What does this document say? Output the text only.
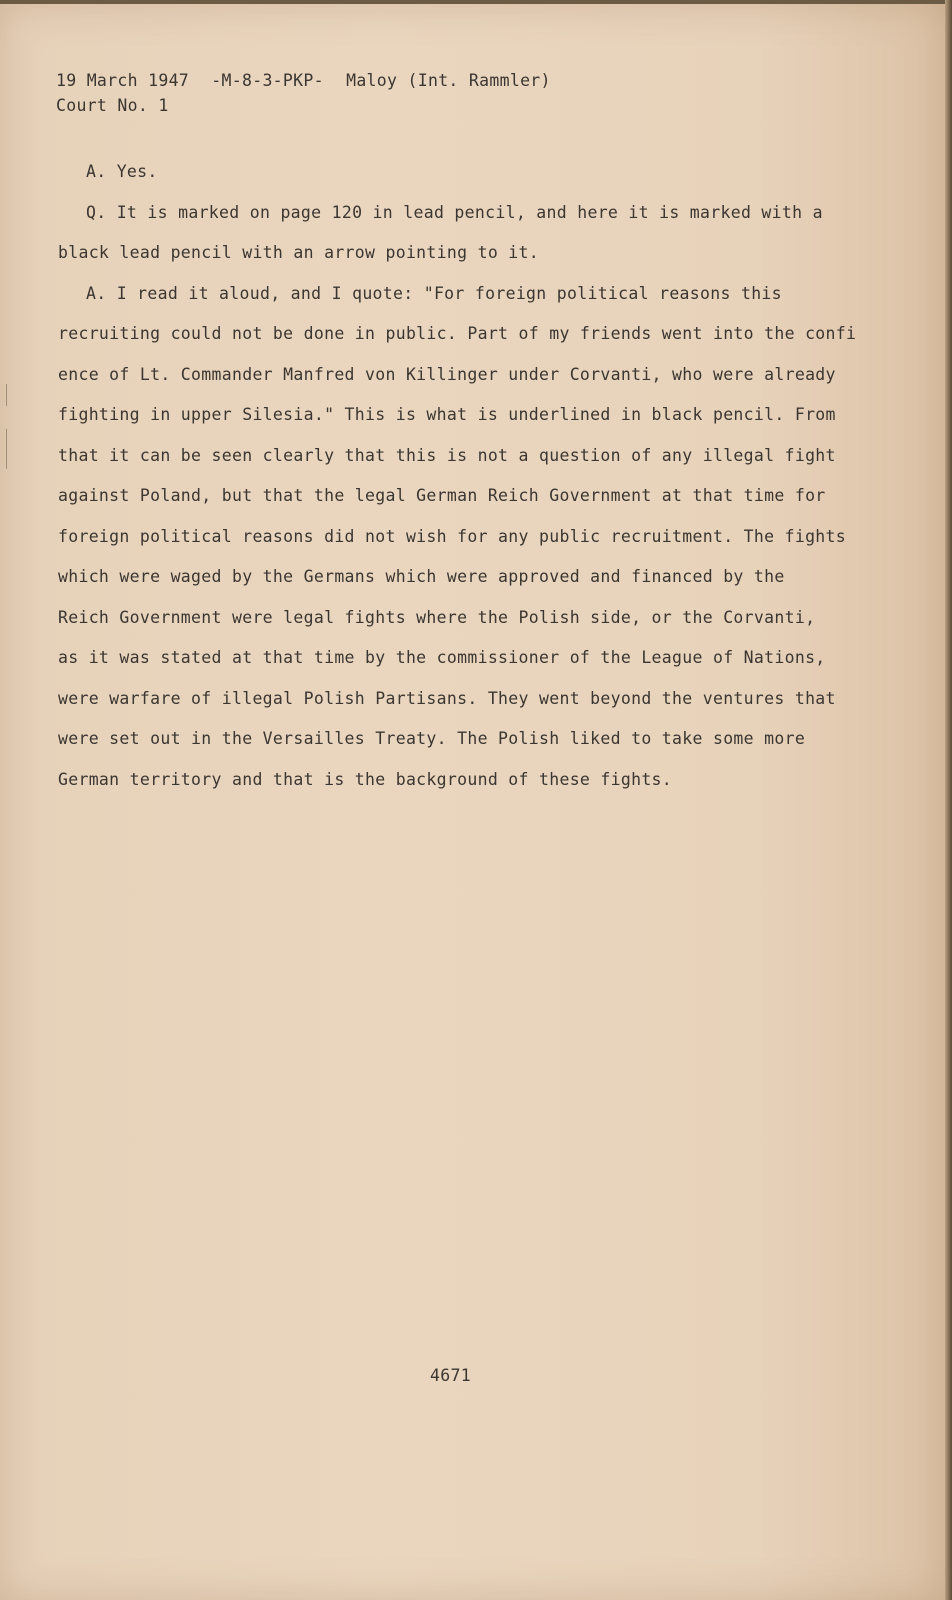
19 March 1947 -M-8-3-PKP- Maloy (Int. Rammler)
Court No. 1
A. Yes.
Q. It is marked on page 120 in lead pencil, and here it is marked with a
black lead pencil with an arrow pointing to it.
A. I read it aloud, and I quote: "For foreign political reasons this
recruiting could not be done in public. Part of my friends went into the confi
ence of Lt. Commander Manfred von Killinger under Corvanti, who were already
fighting in upper Silesia." This is what is underlined in black pencil. From
that it can be seen clearly that this is not a question of any illegal fight
against Poland, but that the legal German Reich Government at that time for
foreign political reasons did not wish for any public recruitment. The fights
which were waged by the Germans which were approved and financed by the
Reich Government were legal fights where the Polish side, or the Corvanti,
as it was stated at that time by the commissioner of the League of Nations,
were warfare of illegal Polish Partisans. They went beyond the ventures that
were set out in the Versailles Treaty. The Polish liked to take some more
German territory and that is the background of these fights.
4671
